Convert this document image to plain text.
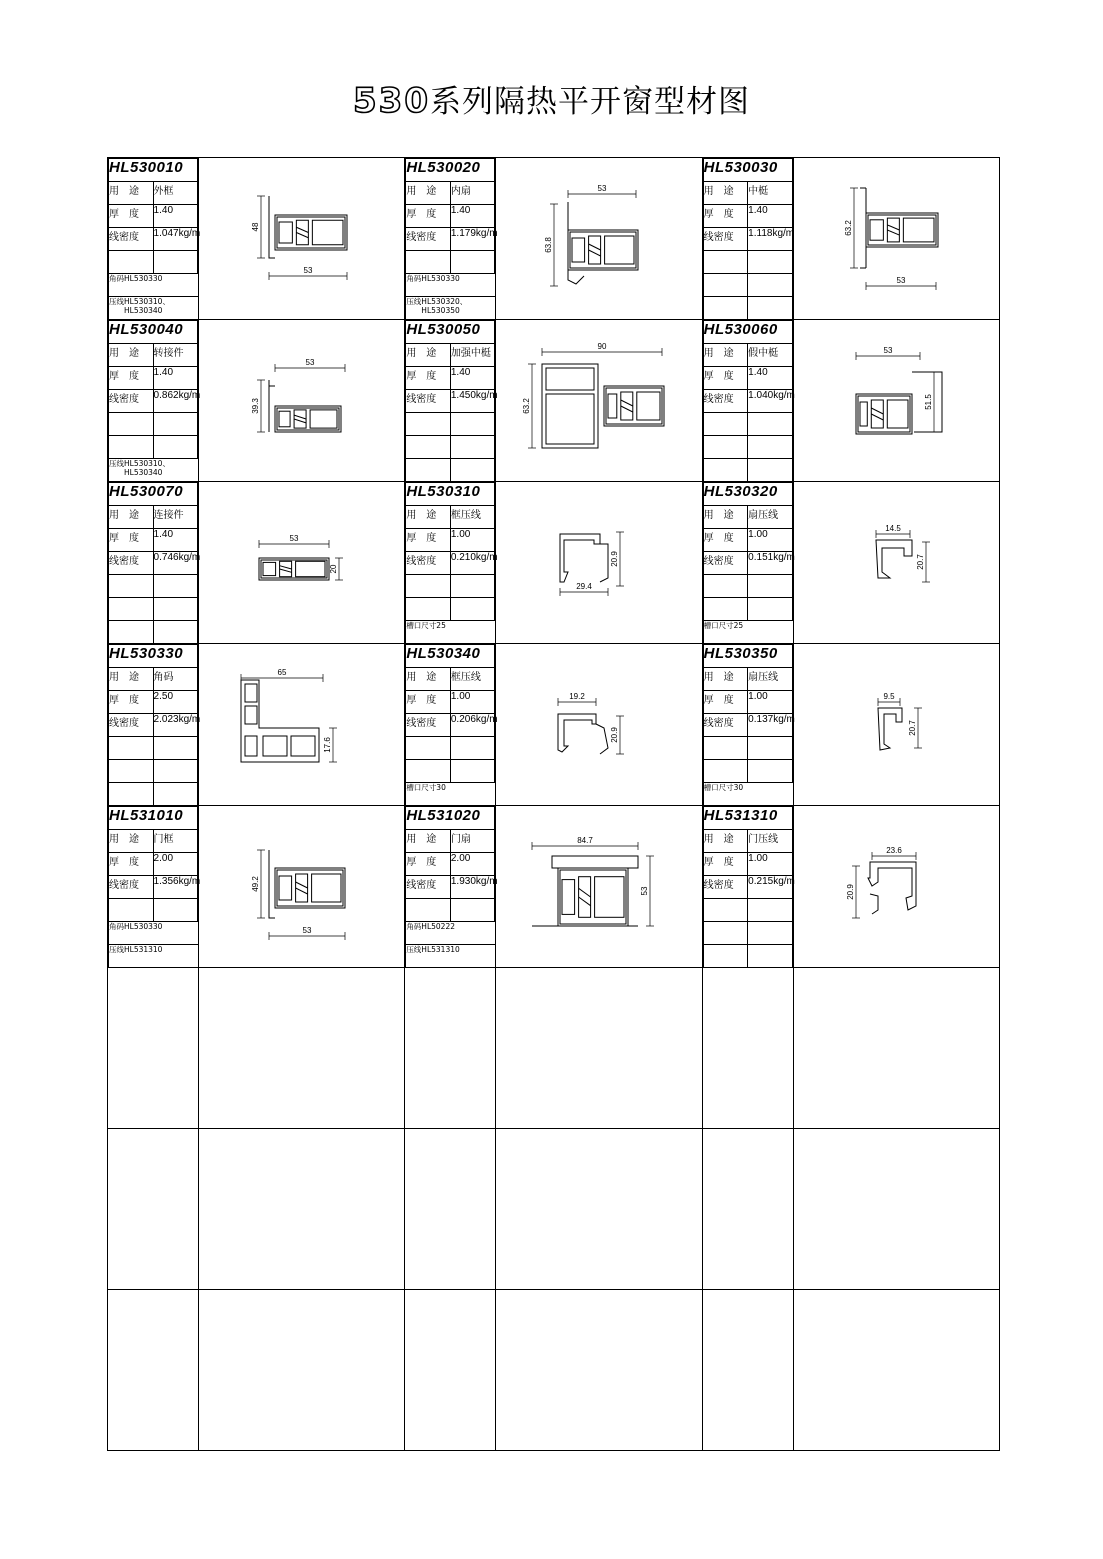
530系列隔热平开窗型材图
HL530010
用　途	外框
厚　度	1.40
线密度	1.047kg/m

角码HL530330
压线HL530310、
　　HL530340

48
53

HL530020
用　途	内扇
厚　度	1.40
线密度	1.179kg/m

角码HL530330
压线HL530320、
　　HL530350

53
63.8

HL530030
用　途	中梃
厚　度	1.40
线密度	1.118kg/m

		63.2
53

HL530040
用　途	转接件
厚　度	1.40
线密度	0.862kg/m

压线HL530310、
　　HL530340

53
39.3

HL530050
用　途	加强中梃
厚　度	1.40
线密度	1.450kg/m

90
63.2

HL530060
用　途	假中梃
厚　度	1.40
线密度	1.040kg/m

53
51.5

HL530070
用　途	连接件
厚　度	1.40
线密度	0.746kg/m

53
20

HL530310
用　途	框压线
厚　度	1.00
线密度	0.210kg/m

槽口尺寸25

29.4
20.9

HL530320
用　途	扇压线
厚　度	1.00
线密度	0.151kg/m

槽口尺寸25

14.5
20.7

HL530330
用　途	角码
厚　度	2.50
线密度	2.023kg/m

65
17.6

HL530340
用　途	框压线
厚　度	1.00
线密度	0.206kg/m

槽口尺寸30

19.2
20.9

HL530350
用　途	扇压线
厚　度	1.00
线密度	0.137kg/m

槽口尺寸30

9.5
20.7

HL531010
用　途	门框
厚　度	2.00
线密度	1.356kg/m

角码HL530330
压线HL531310

49.2
53

HL531020
用　途	门扇
厚　度	2.00
线密度	1.930kg/m

角码HL50222
压线HL531310

84.7
53

HL531310
用　途	门压线
厚　度	1.00
线密度	0.215kg/m

23.6
20.9
